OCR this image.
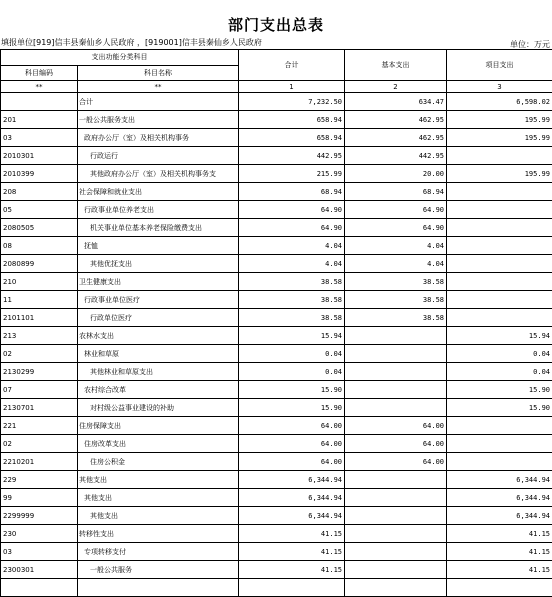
部门支出总表
填报单位[919]信丰县秦仙乡人民政府 ，[919001]信丰县秦仙乡人民政府	单位：万元
支出功能分类科目		合计	基本支出	项目支出
科目编码	科目名称			
**	**	1	2	3
	合计	7,232.50	634.47	6,598.02
201	一般公共服务支出	658.94	462.95	195.99
03	政府办公厅（室）及相关机构事务	658.94	462.95	195.99
2010301	行政运行	442.95	442.95	
2010399	其他政府办公厅（室）及相关机构事务支	215.99	20.00	195.99
208	社会保障和就业支出	68.94	68.94	
05	行政事业单位养老支出	64.90	64.90	
2080505	机关事业单位基本养老保险缴费支出	64.90	64.90	
08	抚恤	4.04	4.04	
2080899	其他优抚支出	4.04	4.04	
210	卫生健康支出	38.58	38.58	
11	行政事业单位医疗	38.58	38.58	
2101101	行政单位医疗	38.58	38.58	
213	农林水支出	15.94		15.94
02	林业和草原	0.04		0.04
2130299	其他林业和草原支出	0.04		0.04
07	农村综合改革	15.90		15.90
2130701	对村级公益事业建设的补助	15.90		15.90
221	住房保障支出	64.00	64.00	
02	住房改革支出	64.00	64.00	
2210201	住房公积金	64.00	64.00	
229	其他支出	6,344.94		6,344.94
99	其他支出	6,344.94		6,344.94
2299999	其他支出	6,344.94		6,344.94
230	转移性支出	41.15		41.15
03	专项转移支付	41.15		41.15
2300301	一般公共服务	41.15		41.15
